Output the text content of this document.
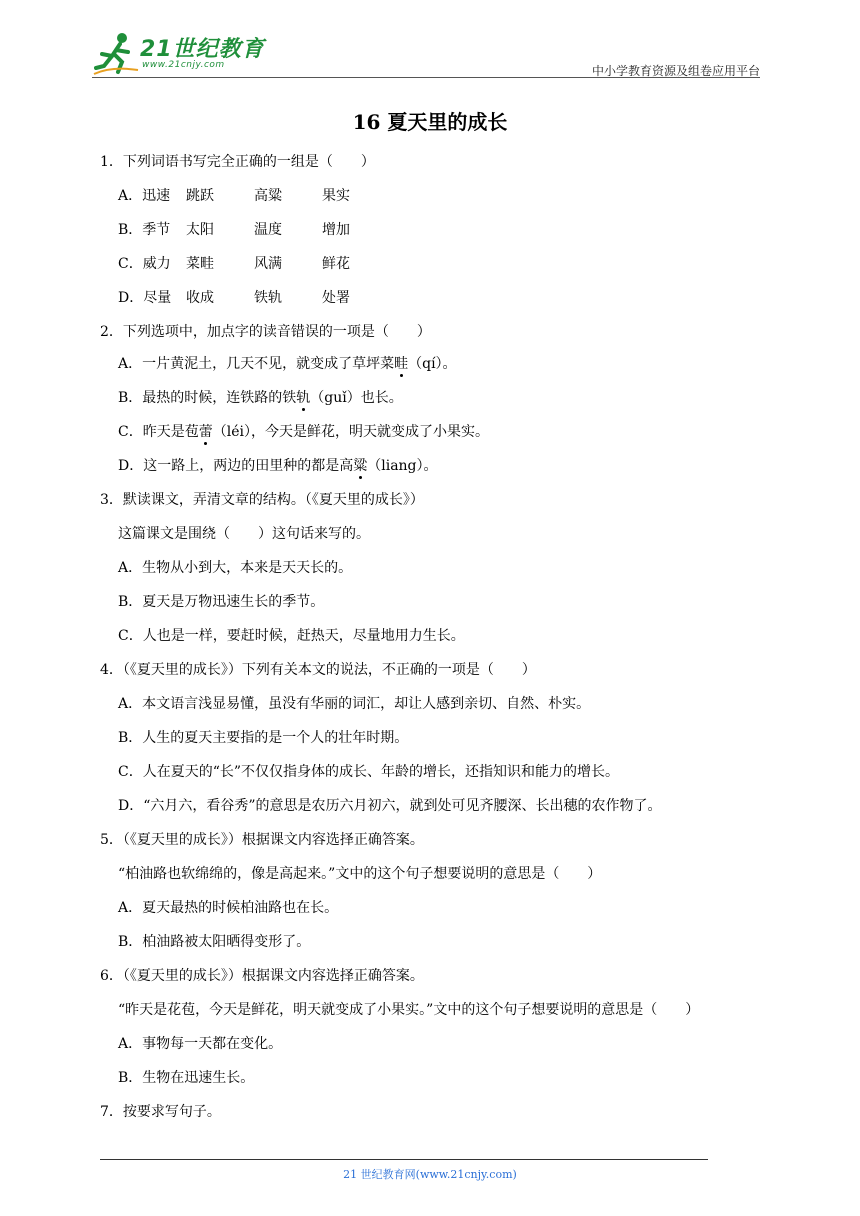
21世纪教育
www.21cnjy.com	中小学教育资源及组卷应用平台
16 夏天里的成长
1．下列词语书写完全正确的一组是（　　）
A．迅速 跳跃	高粱	果实
B．季节 太阳	温度	增加
C．威力 菜畦	风满	鲜花
D．尽量 收成	铁轨	处署
2．下列选项中，加点字的读音错误的一项是（　　）
A．一片黄泥土，几天不见，就变成了草坪菜畦（qí）。
B．最热的时候，连铁路的铁轨（guǐ）也长。
C．昨天是苞蕾（léi），今天是鲜花，明天就变成了小果实。
D．这一路上，两边的田里种的都是高粱（liang）。
3．默读课文，弄清文章的结构。（《夏天里的成长》）
这篇课文是围绕（　　）这句话来写的。
A．生物从小到大，本来是天天长的。
B．夏天是万物迅速生长的季节。
C．人也是一样，要赶时候，赶热天，尽量地用力生长。
4．（《夏天里的成长》）下列有关本文的说法，不正确的一项是（　　）
A．本文语言浅显易懂，虽没有华丽的词汇，却让人感到亲切、自然、朴实。
B．人生的夏天主要指的是一个人的壮年时期。
C．人在夏天的“长”不仅仅指身体的成长、年龄的增长，还指知识和能力的增长。
D．“六月六，看谷秀”的意思是农历六月初六，就到处可见齐腰深、长出穗的农作物了。
5．（《夏天里的成长》）根据课文内容选择正确答案。
“柏油路也软绵绵的，像是高起来。”文中的这个句子想要说明的意思是（　　）
A．夏天最热的时候柏油路也在长。
B．柏油路被太阳晒得变形了。
6．（《夏天里的成长》）根据课文内容选择正确答案。
“昨天是花苞，今天是鲜花，明天就变成了小果实。”文中的这个句子想要说明的意思是（　　）
A．事物每一天都在变化。
B．生物在迅速生长。
7．按要求写句子。
21 世纪教育网(www.21cnjy.com)
